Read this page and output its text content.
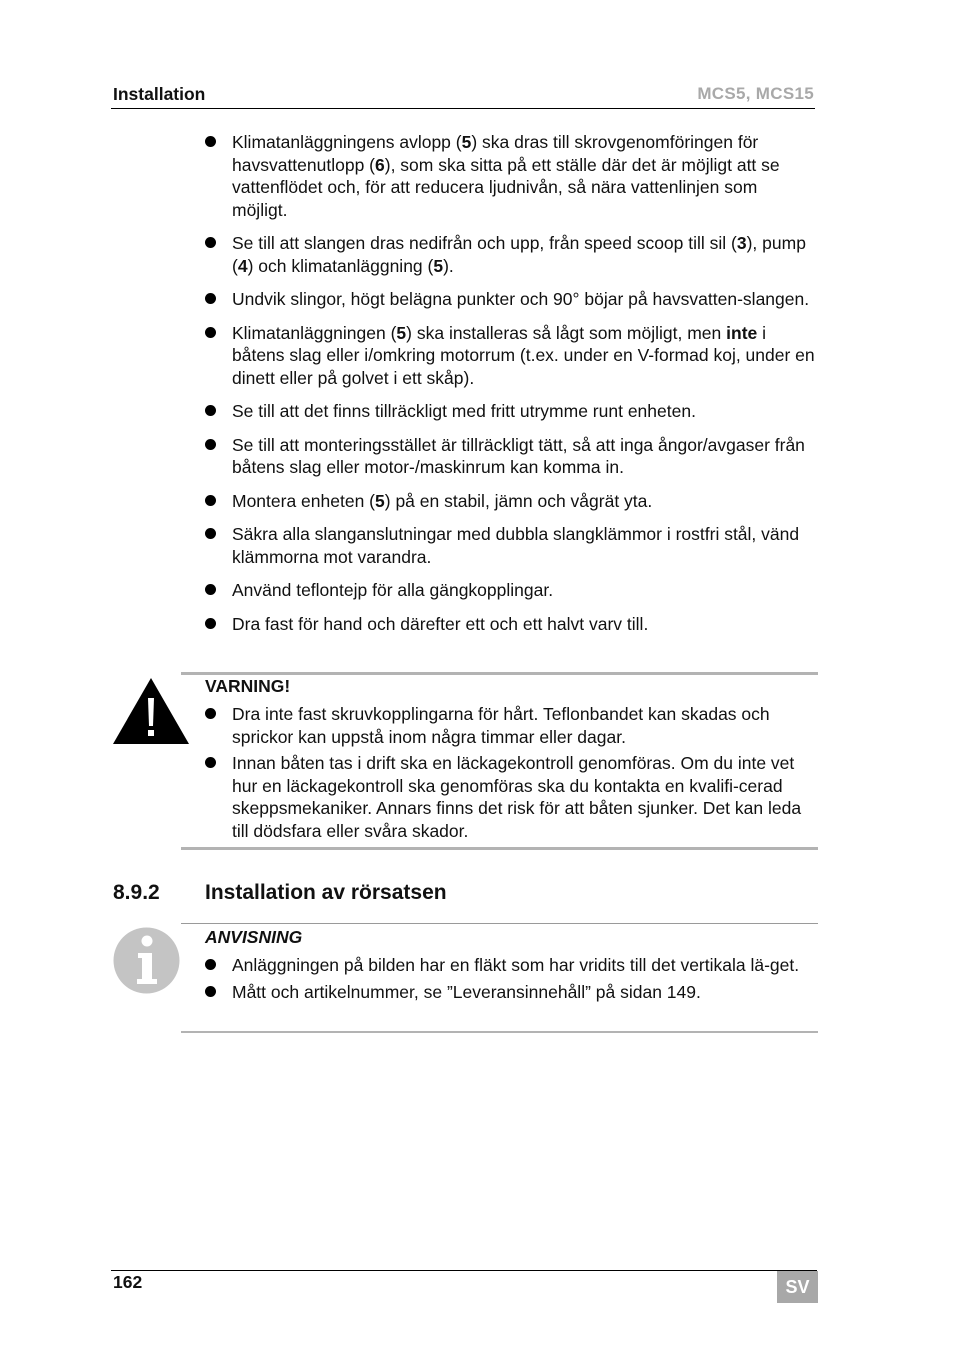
Installation	MCS5, MCS15
Klimatanläggningens avlopp (5) ska dras till skrovgenomföringen för havsvattenutlopp (6), som ska sitta på ett ställe där det är möjligt att se vattenflödet och, för att reducera ljudnivån, så nära vattenlinjen som möjligt.
Se till att slangen dras nedifrån och upp, från speed scoop till sil (3), pump (4) och klimatanläggning (5).
Undvik slingor, högt belägna punkter och 90° böjar på havsvatten-slangen.
Klimatanläggningen (5) ska installeras så lågt som möjligt, men inte i båtens slag eller i/omkring motorrum (t.ex. under en V-formad koj, under en dinett eller på golvet i ett skåp).
Se till att det finns tillräckligt med fritt utrymme runt enheten.
Se till att monteringsstället är tillräckligt tätt, så att inga ångor/avgaser från båtens slag eller motor-/maskinrum kan komma in.
Montera enheten (5) på en stabil, jämn och vågrät yta.
Säkra alla slanganslutningar med dubbla slangklämmor i rostfri stål, vänd klämmorna mot varandra.
Använd teflontejp för alla gängkopplingar.
Dra fast för hand och därefter ett och ett halvt varv till.
VARNING!
Dra inte fast skruvkopplingarna för hårt. Teflonbandet kan skadas och sprickor kan uppstå inom några timmar eller dagar.
Innan båten tas i drift ska en läckagekontroll genomföras. Om du inte vet hur en läckagekontroll ska genomföras ska du kontakta en kvalifi-cerad skeppsmekaniker. Annars finns det risk för att båten sjunker. Det kan leda till dödsfara eller svåra skador.
8.9.2 Installation av rörsatsen
ANVISNING
Anläggningen på bilden har en fläkt som har vridits till det vertikala lä-get.
Mått och artikelnummer, se ”Leveransinnehåll” på sidan 149.
162	SV
